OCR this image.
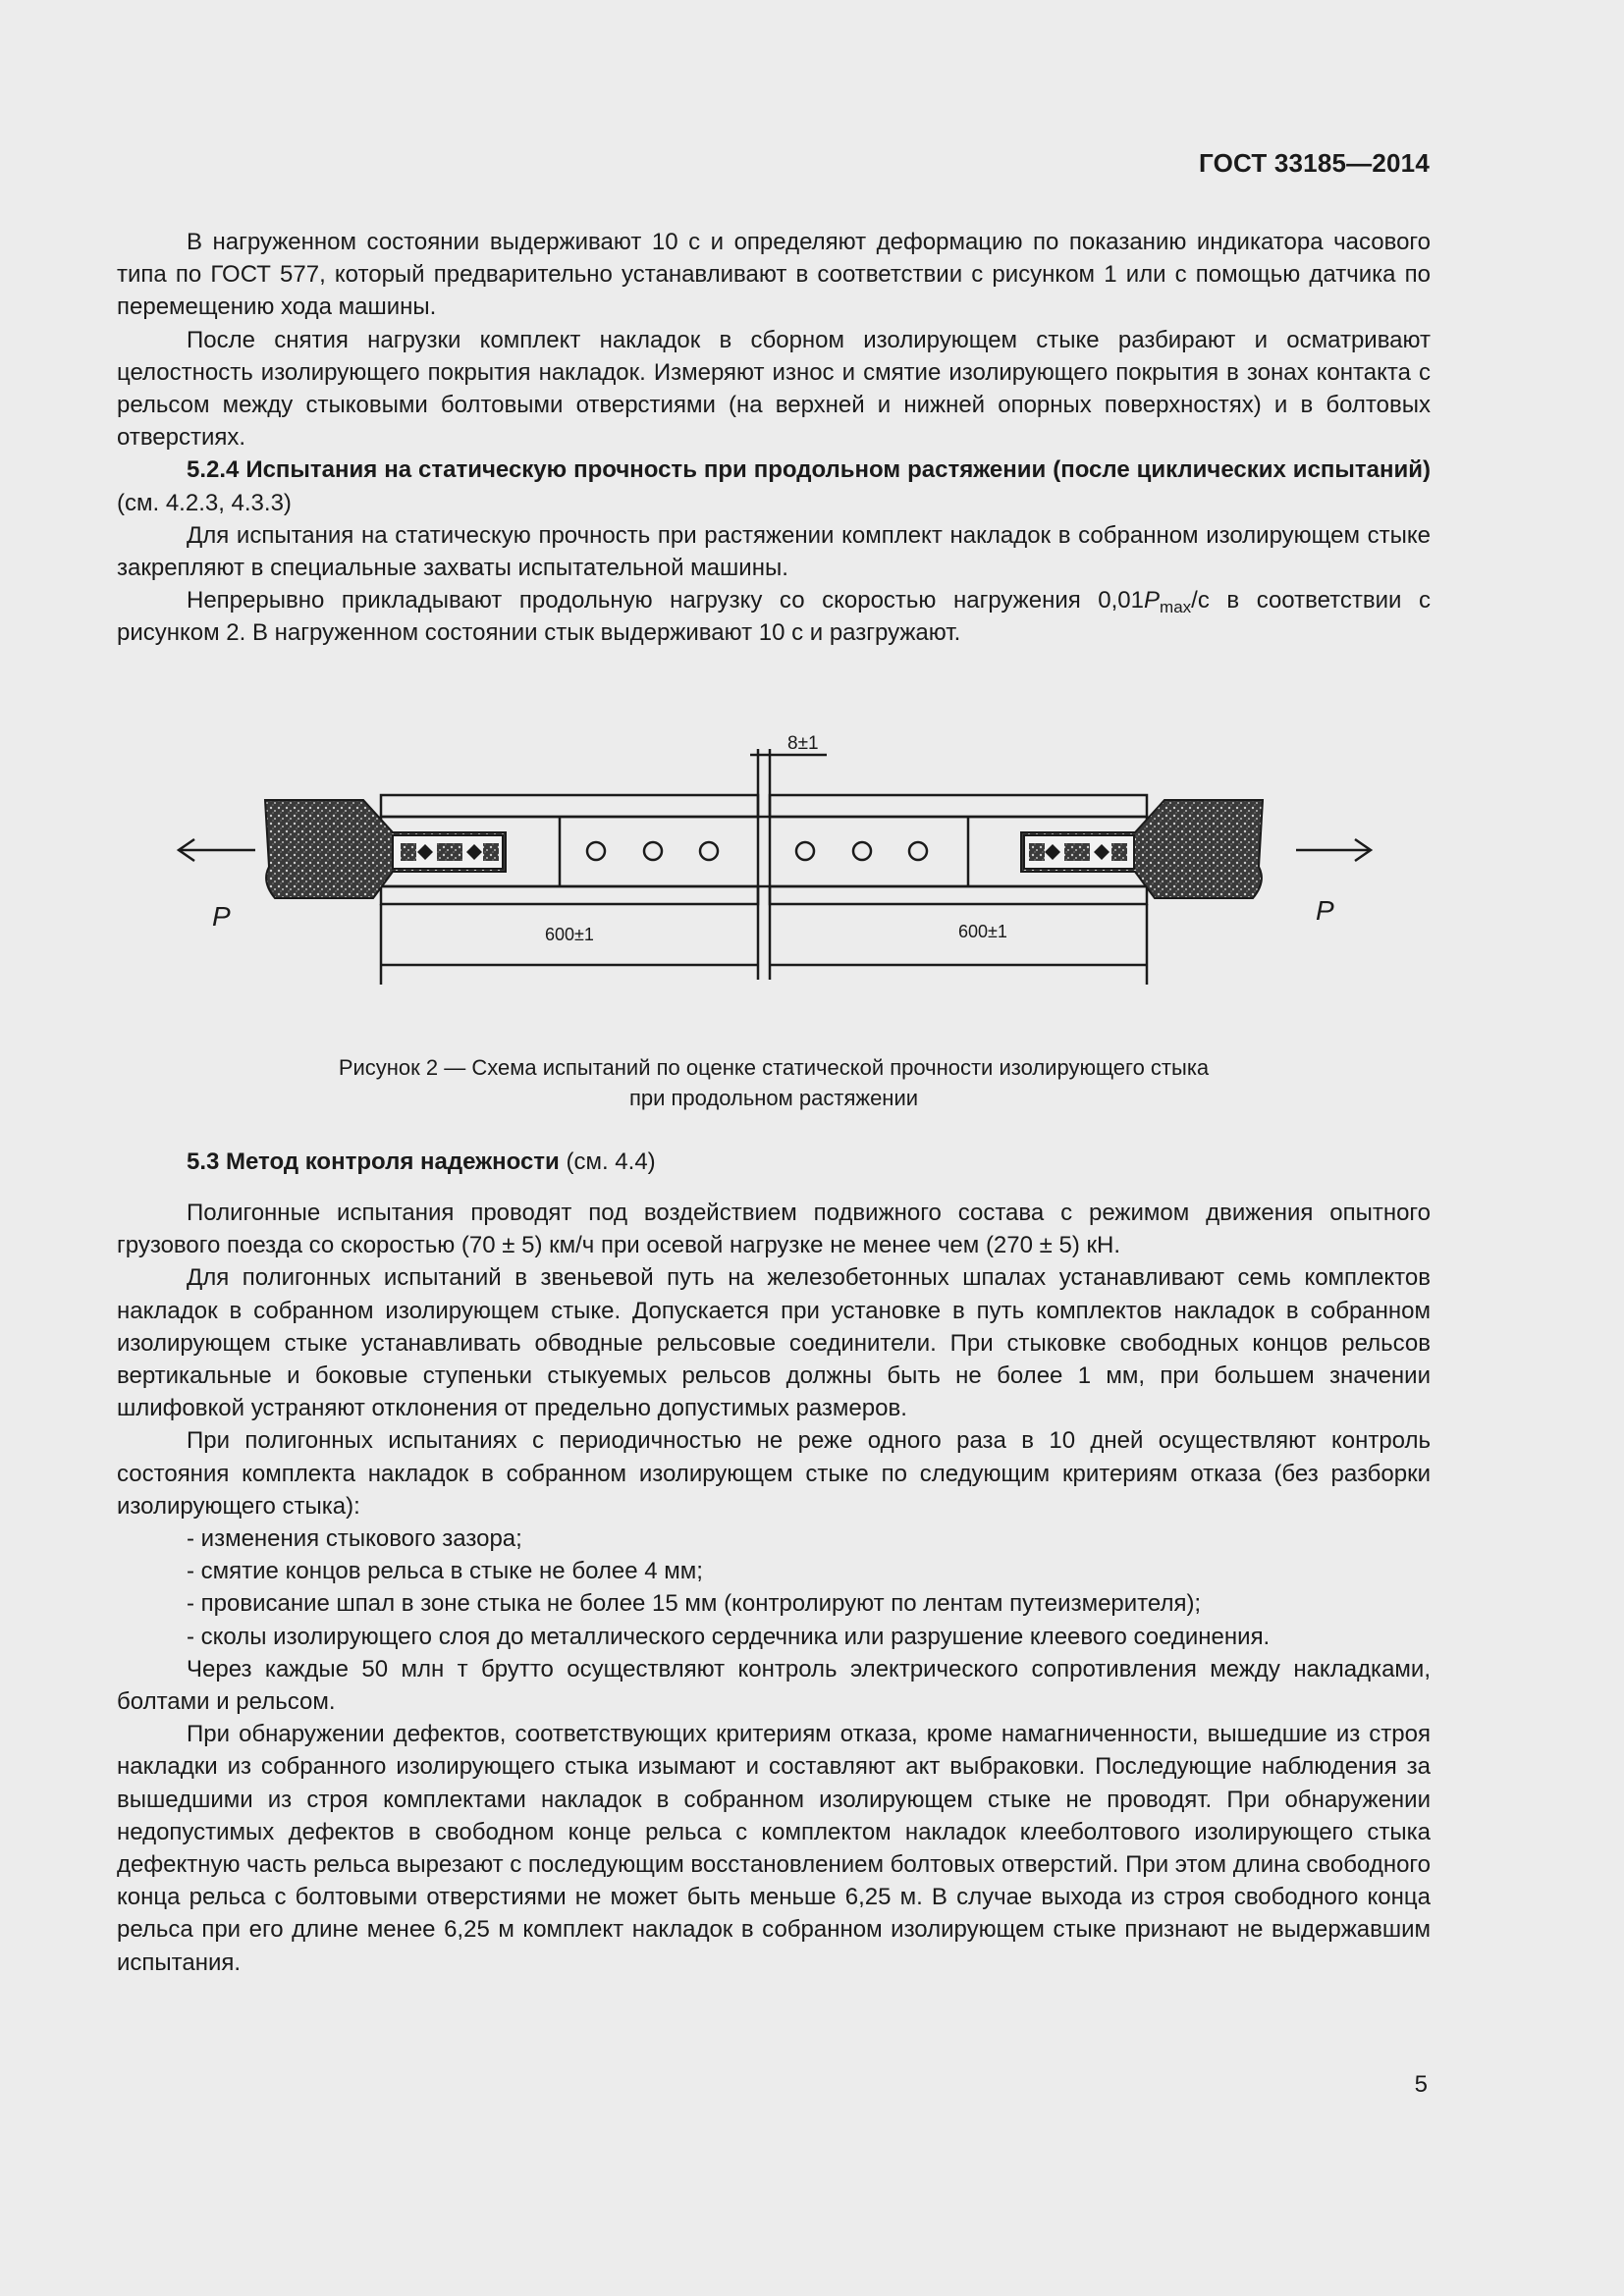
ГОСТ 33185—2014

В нагруженном состоянии выдерживают 10 с и определяют деформацию по показанию индикатора часового типа по ГОСТ 577, который предварительно устанавливают в соответствии с рисунком 1 или с помощью датчика по перемещению хода машины.

После снятия нагрузки комплект накладок в сборном изолирующем стыке разбирают и осматривают целостность изолирующего покрытия накладок. Измеряют износ и смятие изолирующего покрытия в зонах контакта с рельсом между стыковыми болтовыми отверстиями (на верхней и нижней опорных поверхностях) и в болтовых отверстиях.

5.2.4 Испытания на статическую прочность при продольном растяжении (после циклических испытаний) (см. 4.2.3, 4.3.3)

Для испытания на статическую прочность при растяжении комплект накладок в собранном изолирующем стыке закрепляют в специальные захваты испытательной машины.

Непрерывно прикладывают продольную нагрузку со скоростью нагружения $0,01P_{max}/с$ в соответствии с рисунком 2. В нагруженном состоянии стык выдерживают 10 с и разгружают.

8±1
600±1	600±1
P	P
Рисунок 2 — Схема испытаний по оценке статической прочности изолирующего стыка
при продольном растяжении
5.3 Метод контроля надежности (см. 4.4)

Полигонные испытания проводят под воздействием подвижного состава с режимом движения опытного грузового поезда со скоростью (70 ± 5) км/ч при осевой нагрузке не менее чем (270 ± 5) кН.

Для полигонных испытаний в звеньевой путь на железобетонных шпалах устанавливают семь комплектов накладок в собранном изолирующем стыке. Допускается при установке в путь комплектов накладок в собранном изолирующем стыке устанавливать обводные рельсовые соединители. При стыковке свободных концов рельсов вертикальные и боковые ступеньки стыкуемых рельсов должны быть не более 1 мм, при большем значении шлифовкой устраняют отклонения от предельно допустимых размеров.

При полигонных испытаниях с периодичностью не реже одного раза в 10 дней осуществляют контроль состояния комплекта накладок в собранном изолирующем стыке по следующим критериям отказа (без разборки изолирующего стыка):

- изменения стыкового зазора;

- смятие концов рельса в стыке не более 4 мм;

- провисание шпал в зоне стыка не более 15 мм (контролируют по лентам путеизмерителя);

- сколы изолирующего слоя до металлического сердечника или разрушение клеевого соединения.

Через каждые 50 млн т брутто осуществляют контроль электрического сопротивления между накладками, болтами и рельсом.

При обнаружении дефектов, соответствующих критериям отказа, кроме намагниченности, вышедшие из строя накладки из собранного изолирующего стыка изымают и составляют акт выбраковки. Последующие наблюдения за вышедшими из строя комплектами накладок в собранном изолирующем стыке не проводят. При обнаружении недопустимых дефектов в свободном конце рельса с комплектом накладок клееболтового изолирующего стыка дефектную часть рельса вырезают с последующим восстановлением болтовых отверстий. При этом длина свободного конца рельса с болтовыми отверстиями не может быть меньше 6,25 м. В случае выхода из строя свободного конца рельса при его длине менее 6,25 м комплект накладок в собранном изолирующем стыке признают не выдержавшим испытания.

5
